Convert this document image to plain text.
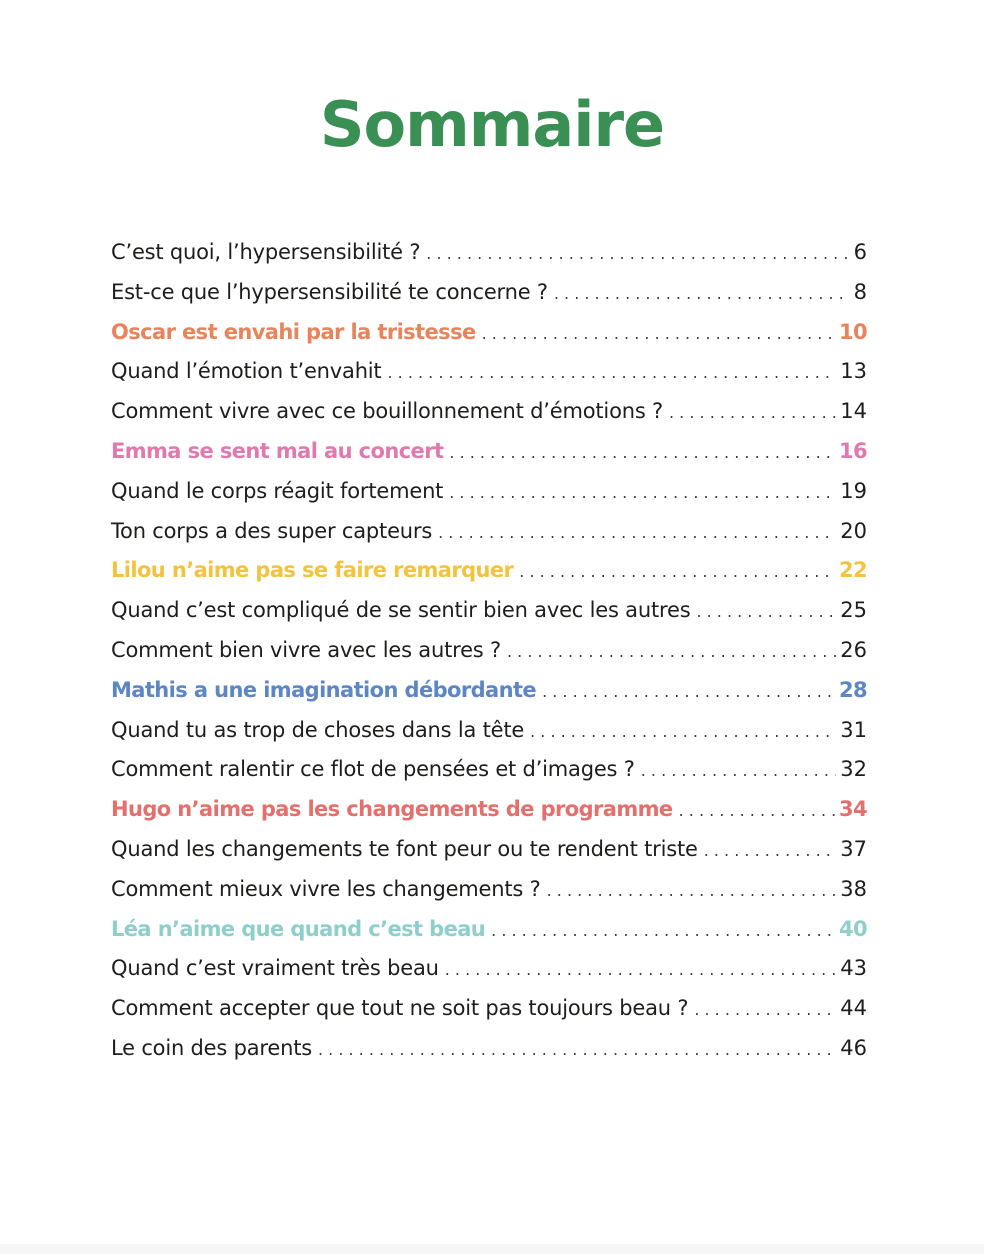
Sommaire
C’est quoi, l’hypersensibilité ? . . .	6
Est-ce que l’hypersensibilité te concerne ? . . .	8
Oscar est envahi par la tristesse . . .	10
Quand l’émotion t’envahit . . .	13
Comment vivre avec ce bouillonnement d’émotions ? . . .	14
Emma se sent mal au concert . . .	16
Quand le corps réagit fortement . . .	19
Ton corps a des super capteurs . . .	20
Lilou n’aime pas se faire remarquer . . .	22
Quand c’est compliqué de se sentir bien avec les autres . . .	25
Comment bien vivre avec les autres ? . . .	26
Mathis a une imagination débordante . . .	28
Quand tu as trop de choses dans la tête . . .	31
Comment ralentir ce flot de pensées et d’images ? . . .	32
Hugo n’aime pas les changements de programme . . .	34
Quand les changements te font peur ou te rendent triste . . .	37
Comment mieux vivre les changements ? . . .	38
Léa n’aime que quand c’est beau . . .	40
Quand c’est vraiment très beau . . .	43
Comment accepter que tout ne soit pas toujours beau ? . . .	44
Le coin des parents . . .	46
